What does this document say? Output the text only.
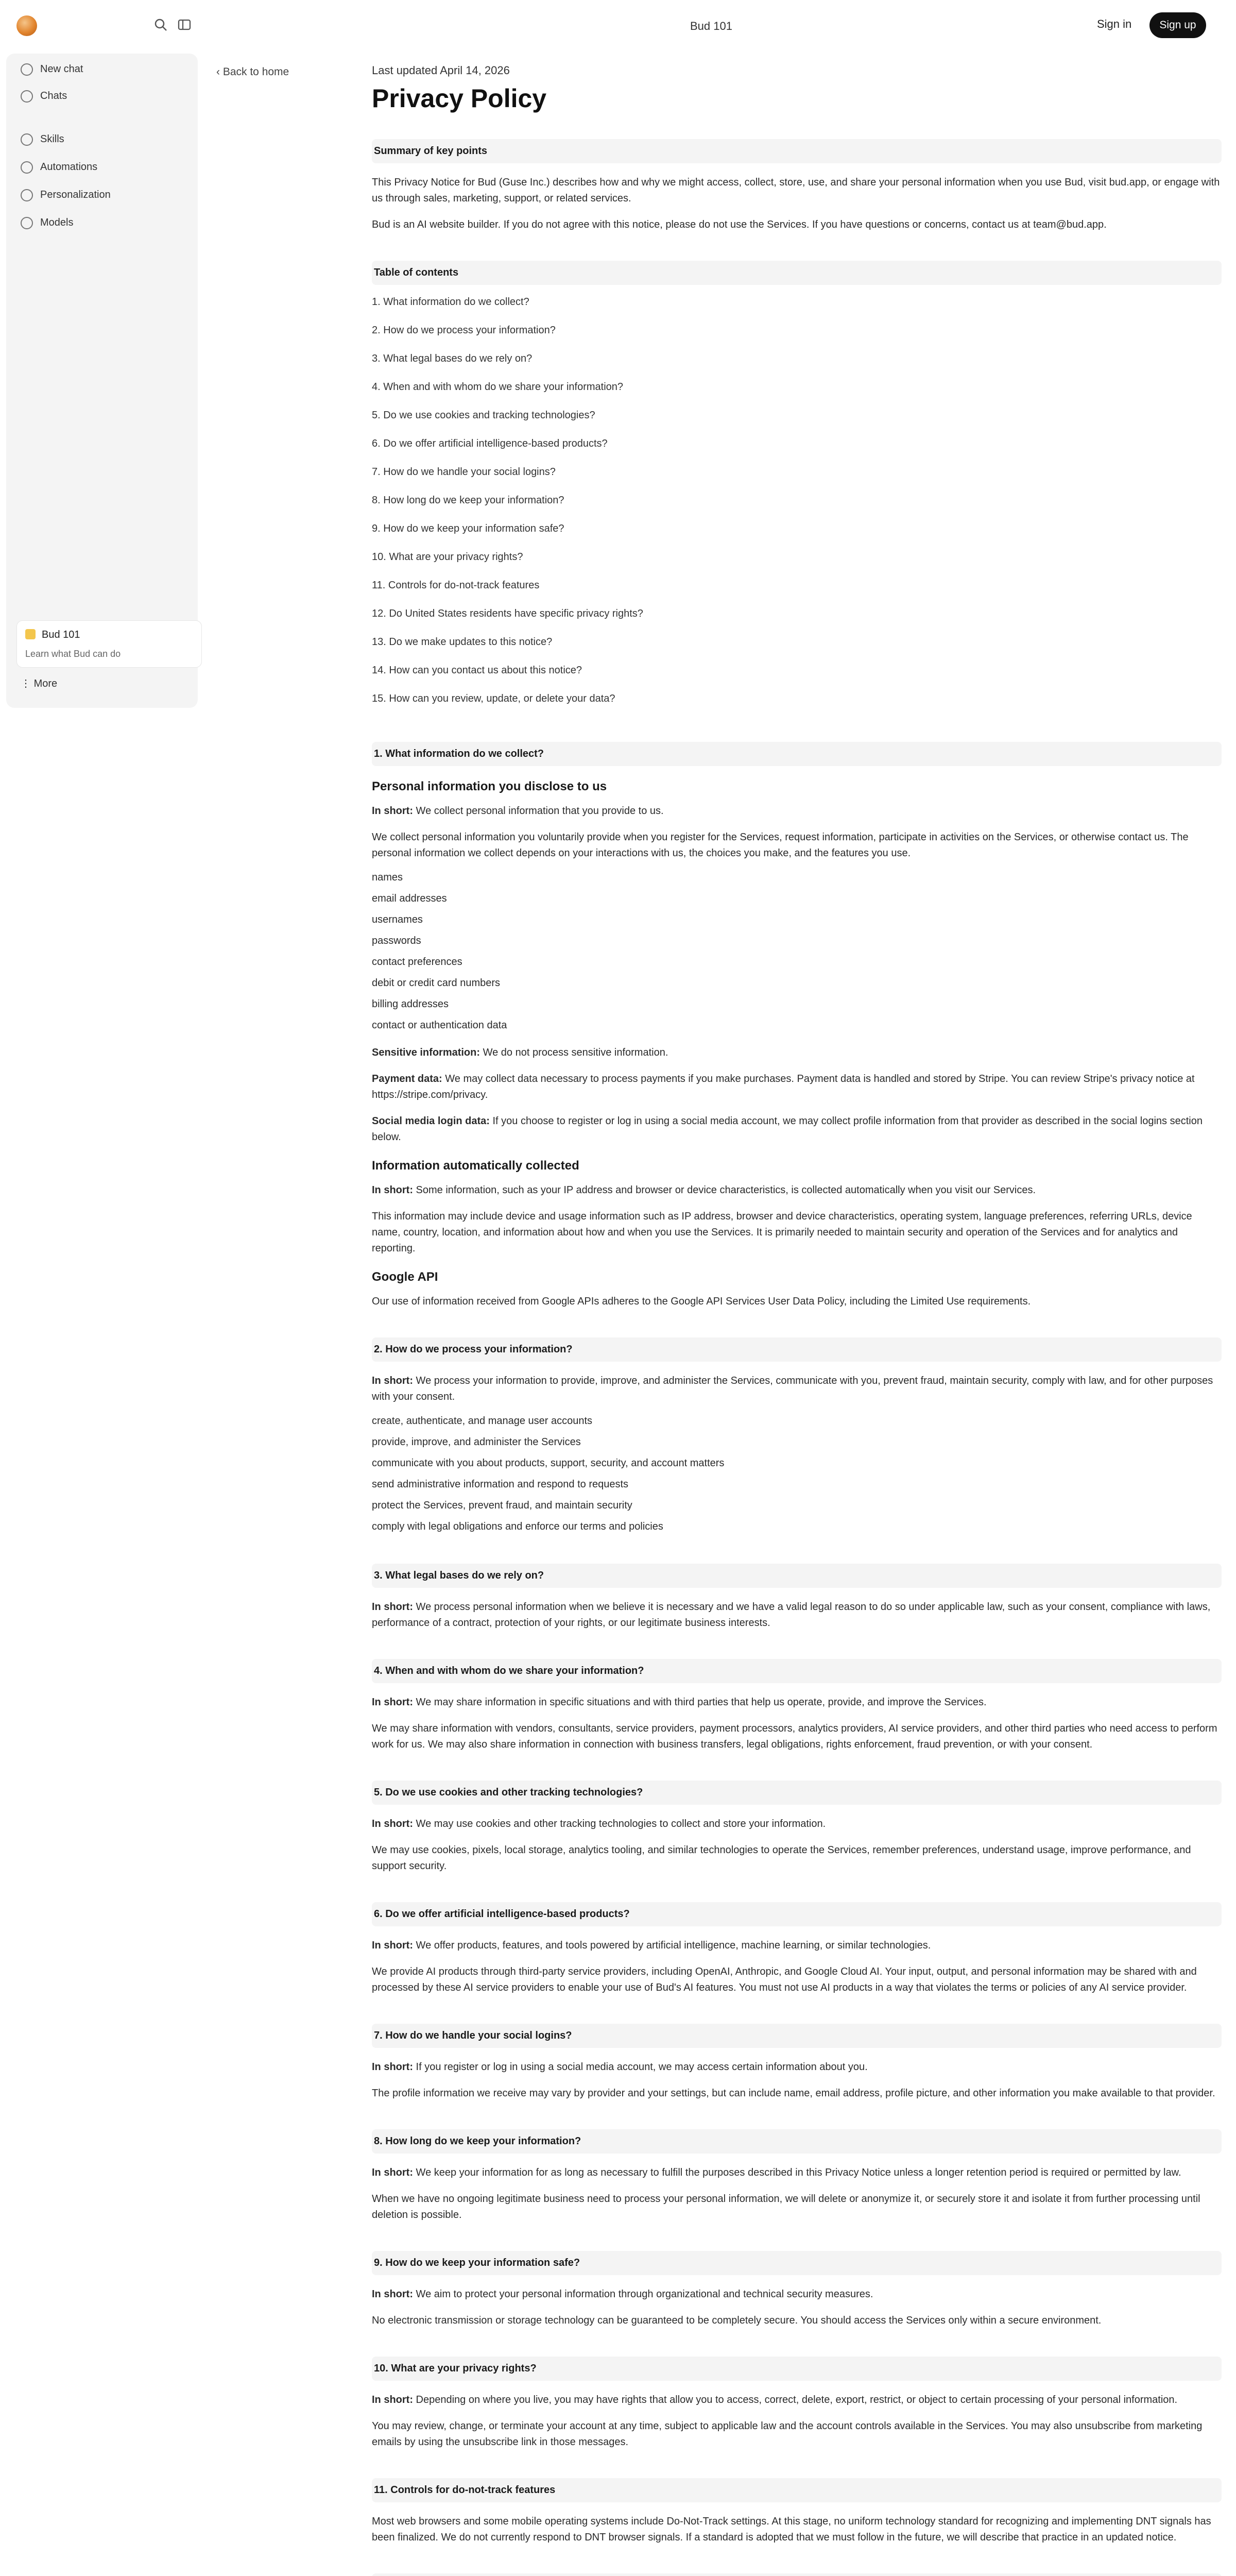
Bud 101	Sign in	Sign up
New chat
Chats
Skills
Automations
Personalization
Models
Bud 101
Learn what Bud can do
⋮ More
‹ Back to home	Last updated April 14, 2026
Privacy Policy
Summary of key points

This Privacy Notice for Bud (Guse Inc.) describes how and why we might access, collect, store, use, and share your personal information when you use Bud, visit bud.app, or engage with us through sales, marketing, support, or related services.

Bud is an AI website builder. If you do not agree with this notice, please do not use the Services. If you have questions or concerns, contact us at team@bud.app.

Table of contents
1. What information do we collect?
2. How do we process your information?
3. What legal bases do we rely on?
4. When and with whom do we share your information?
5. Do we use cookies and tracking technologies?
6. Do we offer artificial intelligence-based products?
7. How do we handle your social logins?
8. How long do we keep your information?
9. How do we keep your information safe?
10. What are your privacy rights?
11. Controls for do-not-track features
12. Do United States residents have specific privacy rights?
13. Do we make updates to this notice?
14. How can you contact us about this notice?
15. How can you review, update, or delete your data?
1. What information do we collect?
Personal information you disclose to us

In short: We collect personal information that you provide to us.

We collect personal information you voluntarily provide when you register for the Services, request information, participate in activities on the Services, or otherwise contact us. The personal information we collect depends on your interactions with us, the choices you make, and the features you use.

names
email addresses
usernames
passwords
contact preferences
debit or credit card numbers
billing addresses
contact or authentication data

Sensitive information: We do not process sensitive information.

Payment data: We may collect data necessary to process payments if you make purchases. Payment data is handled and stored by Stripe. You can review Stripe's privacy notice at https://stripe.com/privacy.

Social media login data: If you choose to register or log in using a social media account, we may collect profile information from that provider as described in the social logins section below.

Information automatically collected

In short: Some information, such as your IP address and browser or device characteristics, is collected automatically when you visit our Services.

This information may include device and usage information such as IP address, browser and device characteristics, operating system, language preferences, referring URLs, device name, country, location, and information about how and when you use the Services. It is primarily needed to maintain security and operation of the Services and for analytics and reporting.

Google API

Our use of information received from Google APIs adheres to the Google API Services User Data Policy, including the Limited Use requirements.

2. How do we process your information?

In short: We process your information to provide, improve, and administer the Services, communicate with you, prevent fraud, maintain security, comply with law, and for other purposes with your consent.

create, authenticate, and manage user accounts
provide, improve, and administer the Services
communicate with you about products, support, security, and account matters
send administrative information and respond to requests
protect the Services, prevent fraud, and maintain security
comply with legal obligations and enforce our terms and policies
3. What legal bases do we rely on?

In short: We process personal information when we believe it is necessary and we have a valid legal reason to do so under applicable law, such as your consent, compliance with laws, performance of a contract, protection of your rights, or our legitimate business interests.

4. When and with whom do we share your information?

In short: We may share information in specific situations and with third parties that help us operate, provide, and improve the Services.

We may share information with vendors, consultants, service providers, payment processors, analytics providers, AI service providers, and other third parties who need access to perform work for us. We may also share information in connection with business transfers, legal obligations, rights enforcement, fraud prevention, or with your consent.

5. Do we use cookies and other tracking technologies?

In short: We may use cookies and other tracking technologies to collect and store your information.

We may use cookies, pixels, local storage, analytics tooling, and similar technologies to operate the Services, remember preferences, understand usage, improve performance, and support security.

6. Do we offer artificial intelligence-based products?

In short: We offer products, features, and tools powered by artificial intelligence, machine learning, or similar technologies.

We provide AI products through third-party service providers, including OpenAI, Anthropic, and Google Cloud AI. Your input, output, and personal information may be shared with and processed by these AI service providers to enable your use of Bud's AI features. You must not use AI products in a way that violates the terms or policies of any AI service provider.

7. How do we handle your social logins?

In short: If you register or log in using a social media account, we may access certain information about you.

The profile information we receive may vary by provider and your settings, but can include name, email address, profile picture, and other information you make available to that provider.

8. How long do we keep your information?

In short: We keep your information for as long as necessary to fulfill the purposes described in this Privacy Notice unless a longer retention period is required or permitted by law.

When we have no ongoing legitimate business need to process your personal information, we will delete or anonymize it, or securely store it and isolate it from further processing until deletion is possible.

9. How do we keep your information safe?

In short: We aim to protect your personal information through organizational and technical security measures.

No electronic transmission or storage technology can be guaranteed to be completely secure. You should access the Services only within a secure environment.

10. What are your privacy rights?

In short: Depending on where you live, you may have rights that allow you to access, correct, delete, export, restrict, or object to certain processing of your personal information.

You may review, change, or terminate your account at any time, subject to applicable law and the account controls available in the Services. You may also unsubscribe from marketing emails by using the unsubscribe link in those messages.

11. Controls for do-not-track features

Most web browsers and some mobile operating systems include Do-Not-Track settings. At this stage, no uniform technology standard for recognizing and implementing DNT signals has been finalized. We do not currently respond to DNT browser signals. If a standard is adopted that we must follow in the future, we will describe that practice in an updated notice.
